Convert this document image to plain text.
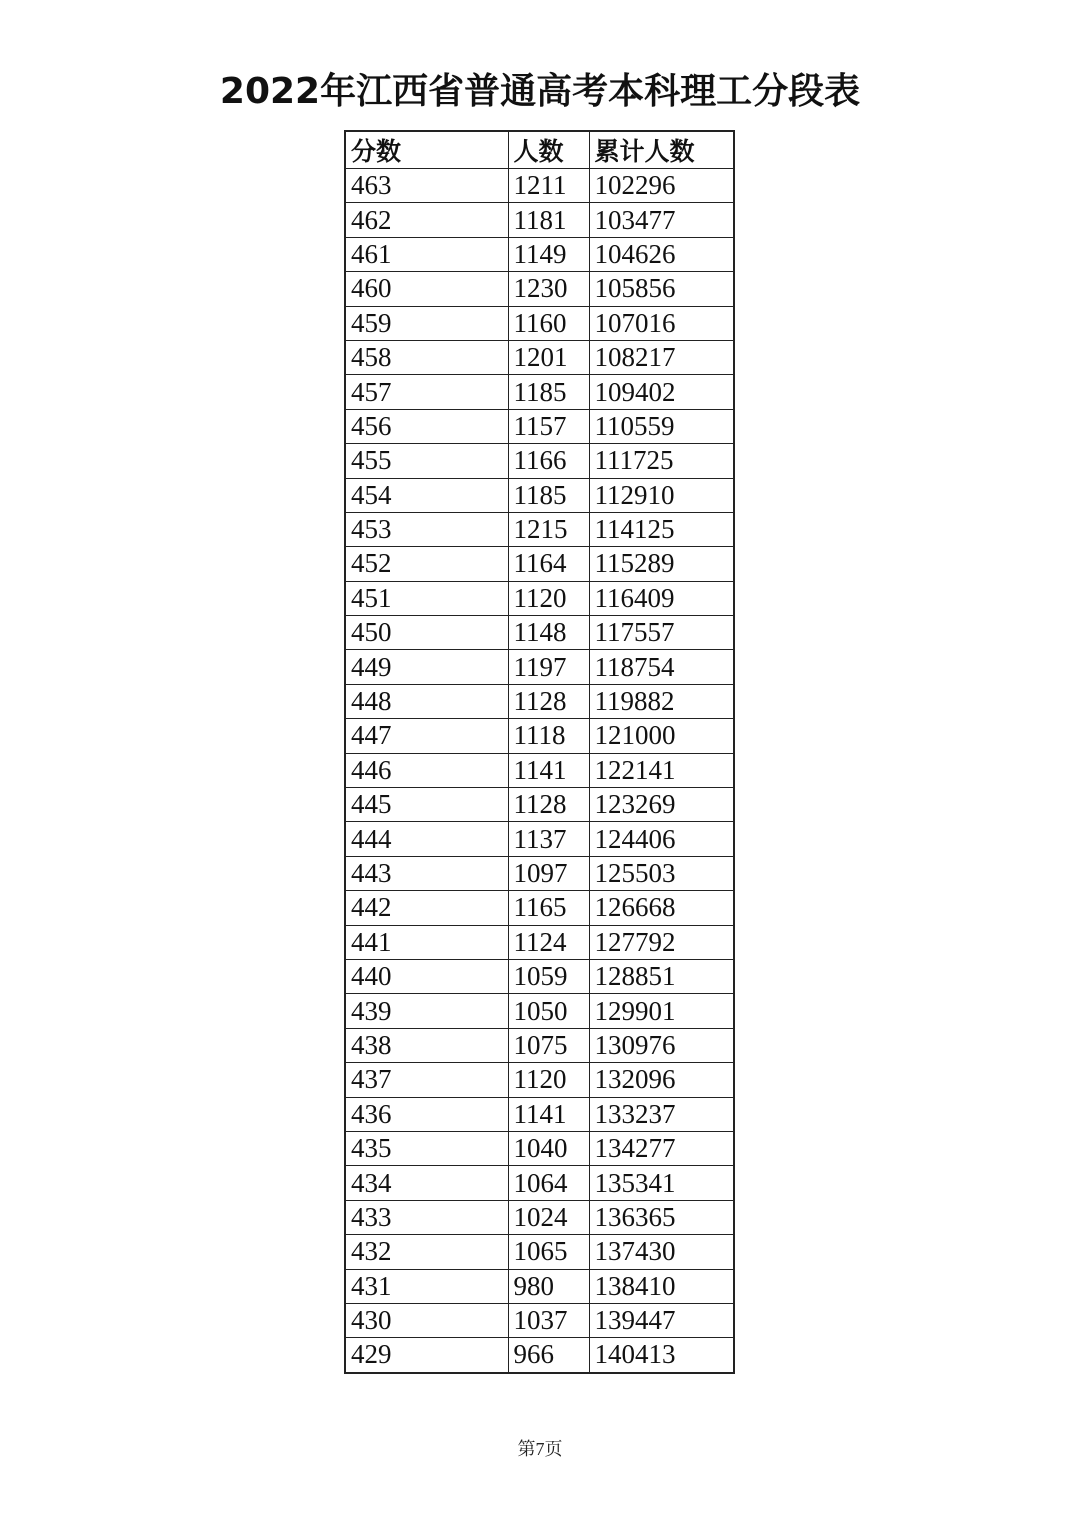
2022年江西省普通高考本科理工分段表
分数	人数	累计人数
463	1211	102296
462	1181	103477
461	1149	104626
460	1230	105856
459	1160	107016
458	1201	108217
457	1185	109402
456	1157	110559
455	1166	111725
454	1185	112910
453	1215	114125
452	1164	115289
451	1120	116409
450	1148	117557
449	1197	118754
448	1128	119882
447	1118	121000
446	1141	122141
445	1128	123269
444	1137	124406
443	1097	125503
442	1165	126668
441	1124	127792
440	1059	128851
439	1050	129901
438	1075	130976
437	1120	132096
436	1141	133237
435	1040	134277
434	1064	135341
433	1024	136365
432	1065	137430
431	980	138410
430	1037	139447
429	966	140413
第7页
